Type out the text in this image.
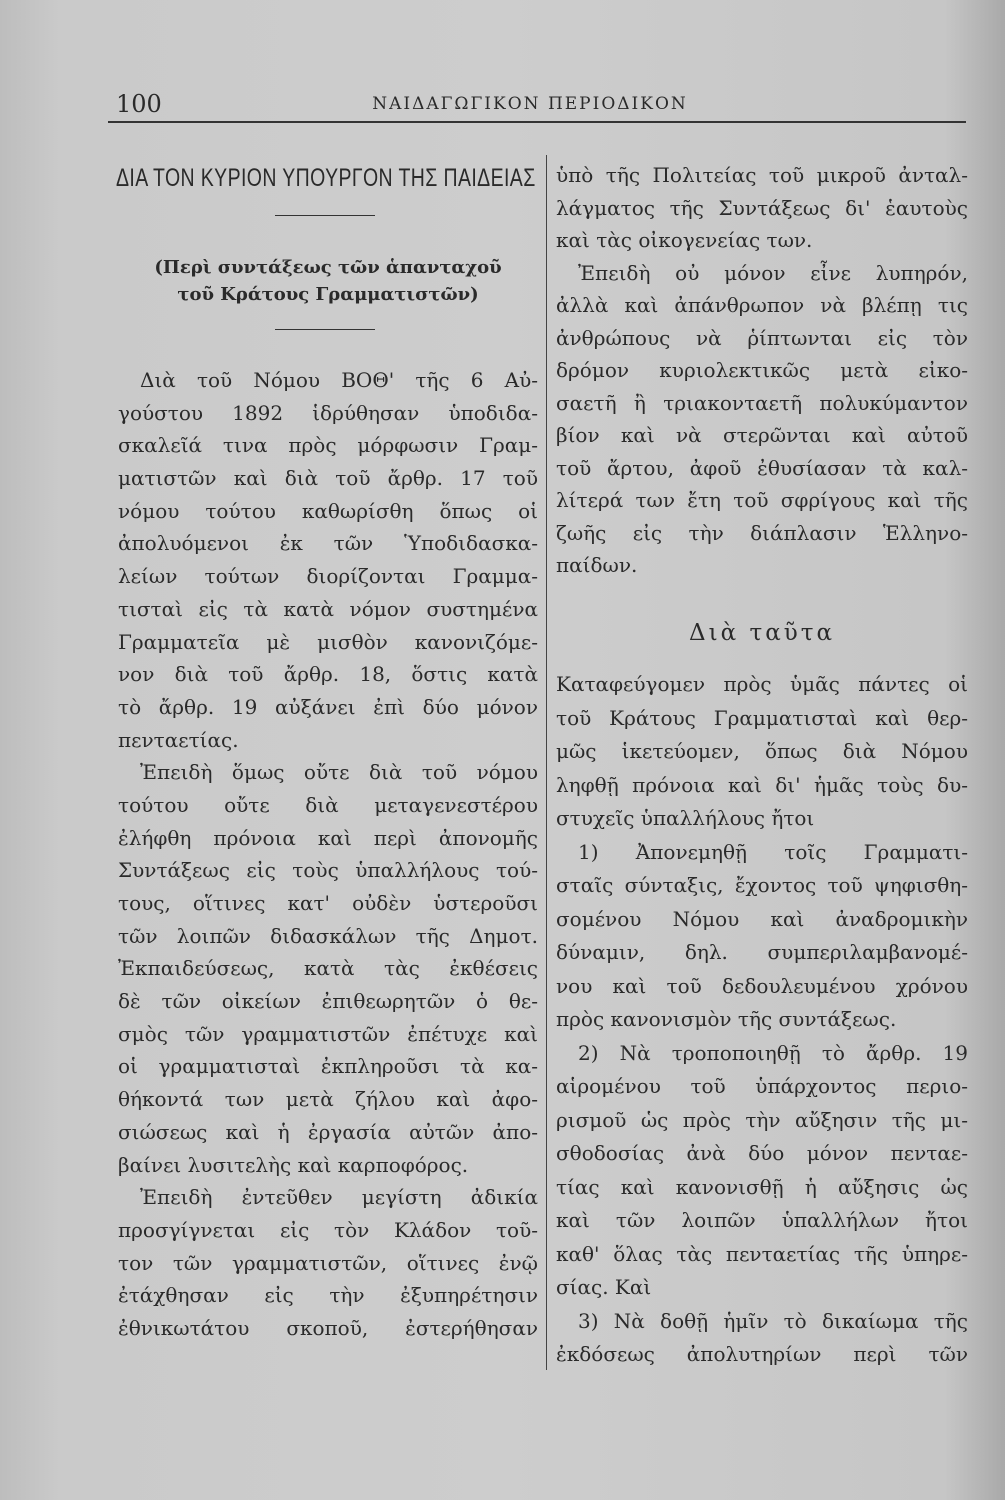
100	ΝΑΙΔΑΓΩΓΙΚΟΝ ΠΕΡΙΟΔΙΚΟΝ
ΔΙΑ ΤΟΝ ΚΥΡΙΟΝ ΥΠΟΥΡΓΟΝ ΤΗΣ ΠΑΙΔΕΙΑΣ
(Περὶ συντάξεως τῶν ἁπανταχοῦ
τοῦ Κράτους Γραμματιστῶν)
Διὰ τοῦ Νόμου ΒΟΘ' τῆς 6 Αὐ-
γούστου 1892 ἱδρύθησαν ὑποδιδα-
σκαλεῖά τινα πρὸς μόρφωσιν Γραμ-
ματιστῶν καὶ διὰ τοῦ ἄρθρ. 17 τοῦ
νόμου τούτου καθωρίσθη ὅπως οἱ
ἀπολυόμενοι ἐκ τῶν Ὑποδιδασκα-
λείων τούτων διορίζονται Γραμμα-
τισταὶ εἰς τὰ κατὰ νόμον συστημένα
Γραμματεῖα μὲ μισθὸν κανονιζόμε-
νον διὰ τοῦ ἄρθρ. 18, ὅστις κατὰ
τὸ ἄρθρ. 19 αὐξάνει ἐπὶ δύο μόνον
πενταετίας.
Ἐπειδὴ ὅμως οὔτε διὰ τοῦ νόμου
τούτου οὔτε διὰ μεταγενεστέρου
ἐλήφθη πρόνοια καὶ περὶ ἀπονομῆς
Συντάξεως εἰς τοὺς ὑπαλλήλους τού-
τους, οἵτινες κατ' οὐδὲν ὑστεροῦσι
τῶν λοιπῶν διδασκάλων τῆς Δημοτ.
Ἐκπαιδεύσεως, κατὰ τὰς ἐκθέσεις
δὲ τῶν οἰκείων ἐπιθεωρητῶν ὁ θε-
σμὸς τῶν γραμματιστῶν ἐπέτυχε καὶ
οἱ γραμματισταὶ ἐκπληροῦσι τὰ κα-
θήκοντά των μετὰ ζήλου καὶ ἀφο-
σιώσεως καὶ ἡ ἐργασία αὐτῶν ἀπο-
βαίνει λυσιτελὴς καὶ καρποφόρος.
Ἐπειδὴ ἐντεῦθεν μεγίστη ἀδικία
προσγίγνεται εἰς τὸν Κλάδον τοῦ-
τον τῶν γραμματιστῶν, οἵτινες ἐνῷ
ἐτάχθησαν εἰς τὴν ἐξυπηρέτησιν
ἐθνικωτάτου σκοποῦ, ἐστερήθησαν
ὑπὸ τῆς Πολιτείας τοῦ μικροῦ ἀνταλ-
λάγματος τῆς Συντάξεως δι' ἑαυτοὺς
καὶ τὰς οἰκογενείας των.
Ἐπειδὴ οὐ μόνον εἶνε λυπηρόν,
ἀλλὰ καὶ ἀπάνθρωπον νὰ βλέπῃ τις
ἀνθρώπους νὰ ῥίπτωνται εἰς τὸν
δρόμον κυριολεκτικῶς μετὰ εἰκο-
σαετῆ ἢ τριακονταετῆ πολυκύμαντον
βίον καὶ νὰ στερῶνται καὶ αὐτοῦ
τοῦ ἄρτου, ἀφοῦ ἐθυσίασαν τὰ καλ-
λίτερά των ἔτη τοῦ σφρίγους καὶ τῆς
ζωῆς εἰς τὴν διάπλασιν Ἑλληνο-
παίδων.
Διὰ ταῦτα
Καταφεύγομεν πρὸς ὑμᾶς πάντες οἱ
τοῦ Κράτους Γραμματισταὶ καὶ θερ-
μῶς ἱκετεύομεν, ὅπως διὰ Νόμου
ληφθῇ πρόνοια καὶ δι' ἡμᾶς τοὺς δυ-
στυχεῖς ὑπαλλήλους ἤτοι
1) Ἀπονεμηθῇ τοῖς Γραμματι-
σταῖς σύνταξις, ἔχοντος τοῦ ψηφισθη-
σομένου Νόμου καὶ ἀναδρομικὴν
δύναμιν, δηλ. συμπεριλαμβανομέ-
νου καὶ τοῦ δεδουλευμένου χρόνου
πρὸς κανονισμὸν τῆς συντάξεως.
2) Νὰ τροποποιηθῇ τὸ ἄρθρ. 19
αἱρομένου τοῦ ὑπάρχοντος περιο-
ρισμοῦ ὡς πρὸς τὴν αὔξησιν τῆς μι-
σθοδοσίας ἀνὰ δύο μόνον πενταε-
τίας καὶ κανονισθῇ ἡ αὔξησις ὡς
καὶ τῶν λοιπῶν ὑπαλλήλων ἤτοι
καθ' ὅλας τὰς πενταετίας τῆς ὑπηρε-
σίας. Καὶ
3) Νὰ δοθῇ ἡμῖν τὸ δικαίωμα τῆς
ἐκδόσεως ἀπολυτηρίων περὶ τῶν
